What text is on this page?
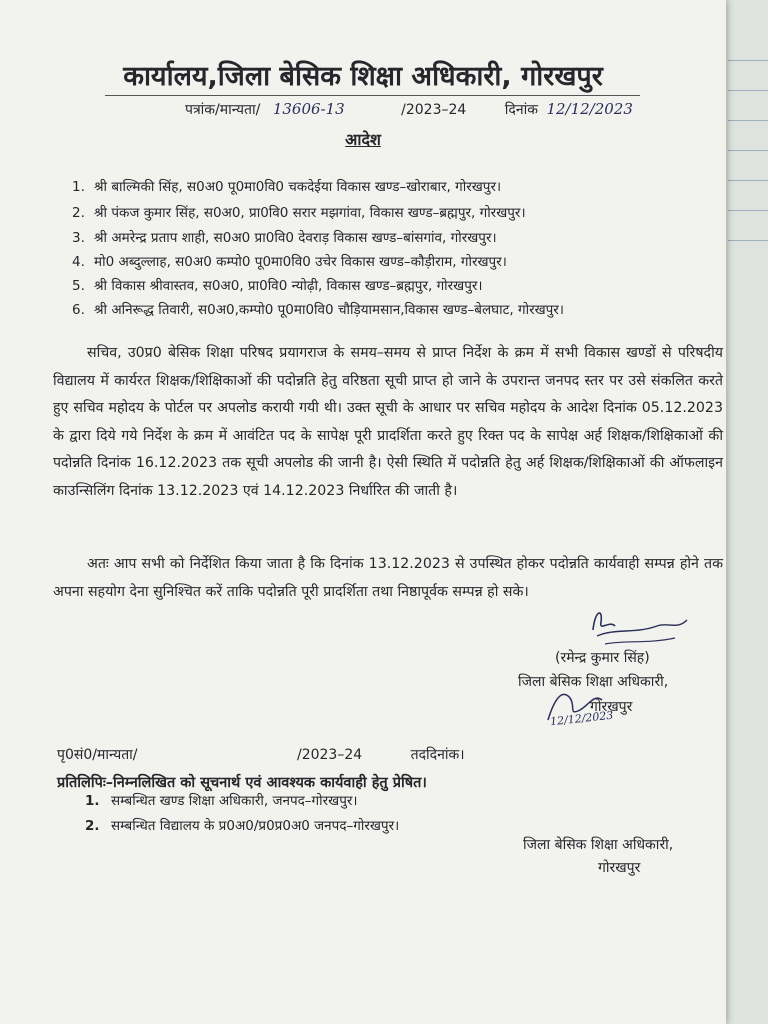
कार्यालय,जिला बेसिक शिक्षा अधिकारी, गोरखपुर
पत्रांक/मान्यता/ 13606-13	/2023–24	दिनांक 12/12/2023
आदेश
1. श्री बाल्मिकी सिंह, स0अ0 पू0मा0वि0 चकदेईया विकास खण्ड–खोराबार, गोरखपुर।
2. श्री पंकज कुमार सिंह, स0अ0, प्रा0वि0 सरार मझगांवा, विकास खण्ड–ब्रह्मपुर, गोरखपुर।
3. श्री अमरेन्द्र प्रताप शाही, स0अ0 प्रा0वि0 देवराड़ विकास खण्ड–बांसगांव, गोरखपुर।
4. मो0 अब्दुल्लाह, स0अ0 कम्पो0 पू0मा0वि0 उचेर विकास खण्ड–कौड़ीराम, गोरखपुर।
5. श्री विकास श्रीवास्तव, स0अ0, प्रा0वि0 न्योढ़ी, विकास खण्ड–ब्रह्मपुर, गोरखपुर।
6. श्री अनिरूद्ध तिवारी, स0अ0,कम्पो0 पू0मा0वि0 चौड़ियामसान,विकास खण्ड–बेलघाट, गोरखपुर।
सचिव, उ0प्र0 बेसिक शिक्षा परिषद प्रयागराज के समय–समय से प्राप्त निर्देश के क्रम में सभी विकास खण्डों से परिषदीय विद्यालय में कार्यरत शिक्षक/शिक्षिकाओं की पदोन्नति हेतु वरिष्ठता सूची प्राप्त हो जाने के उपरान्त जनपद स्तर पर उसे संकलित करते हुए सचिव महोदय के पोर्टल पर अपलोड करायी गयी थी। उक्त सूची के आधार पर सचिव महोदय के आदेश दिनांक 05.12.2023 के द्वारा दिये गये निर्देश के क्रम में आवंटित पद के सापेक्ष पूरी प्रादर्शिता करते हुए रिक्त पद के सापेक्ष अर्ह शिक्षक/शिक्षिकाओं की पदोन्नति दिनांक 16.12.2023 तक सूची अपलोड की जानी है। ऐसी स्थिति में पदोन्नति हेतु अर्ह शिक्षक/शिक्षिकाओं की ऑफलाइन काउन्सिलिंग दिनांक 13.12.2023 एवं 14.12.2023 निर्धारित की जाती है।
अतः आप सभी को निर्देशित किया जाता है कि दिनांक 13.12.2023 से उपस्थित होकर पदोन्नति कार्यवाही सम्पन्न होने तक अपना सहयोग देना सुनिश्चित करें ताकि पदोन्नति पूरी प्रादर्शिता तथा निष्ठापूर्वक सम्पन्न हो सके।
(रमेन्द्र कुमार सिंह)
जिला बेसिक शिक्षा अधिकारी,
गोरखपुर
12/12/2023
पृ0सं0/मान्यता/	/2023–24	तददिनांक।
प्रतिलिपिः–निम्नलिखित को सूचनार्थ एवं आवश्यक कार्यवाही हेतु प्रेषित।
1. सम्बन्धित खण्ड शिक्षा अधिकारी, जनपद–गोरखपुर।
2. सम्बन्धित विद्यालय के प्र0अ0/प्र0प्र0अ0 जनपद–गोरखपुर।
जिला बेसिक शिक्षा अधिकारी,
गोरखपुर
